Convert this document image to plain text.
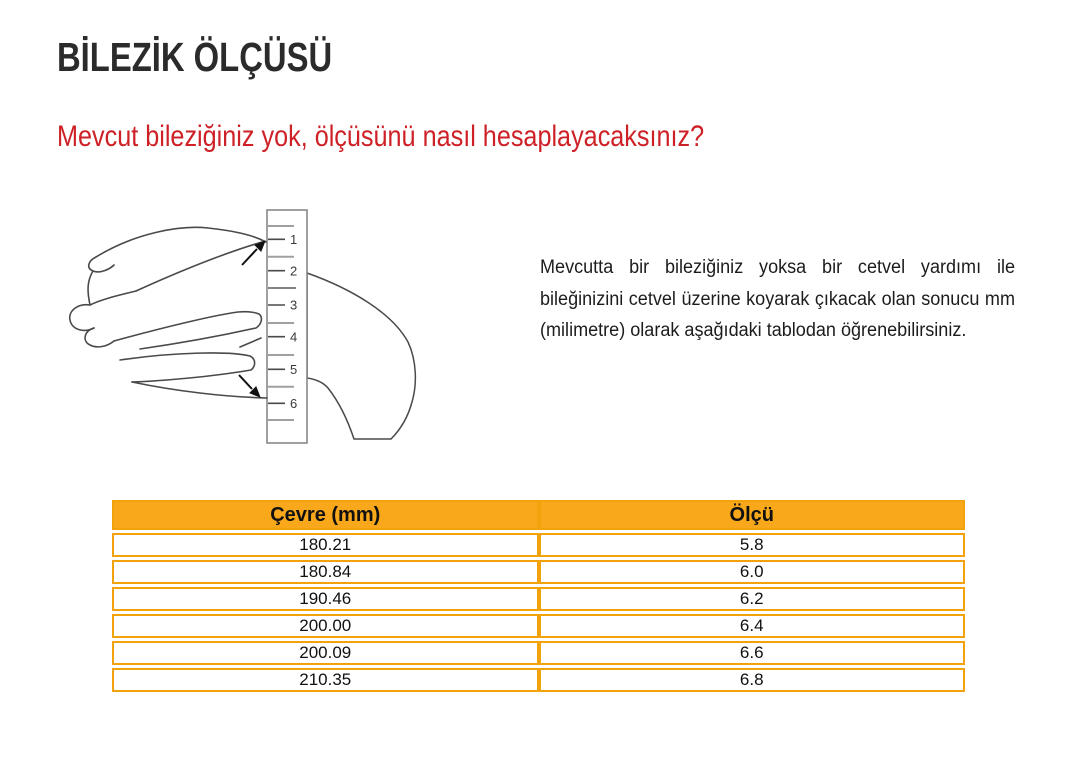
BİLEZİK ÖLÇÜSÜ
Mevcut bileziğiniz yok, ölçüsünü nasıl hesaplayacaksınız?
1
2
3
4
5
6

Mevcutta bir bileziğiniz yoksa bir cetvel yardımı ile bileğinizini cetvel üzerine koyarak çıkacak olan sonucu mm (milimetre) olarak aşağıdaki tablodan öğrenebilirsiniz.

Çevre (mm)	Ölçü
180.21	5.8
180.84	6.0
190.46	6.2
200.00	6.4
200.09	6.6
210.35	6.8
